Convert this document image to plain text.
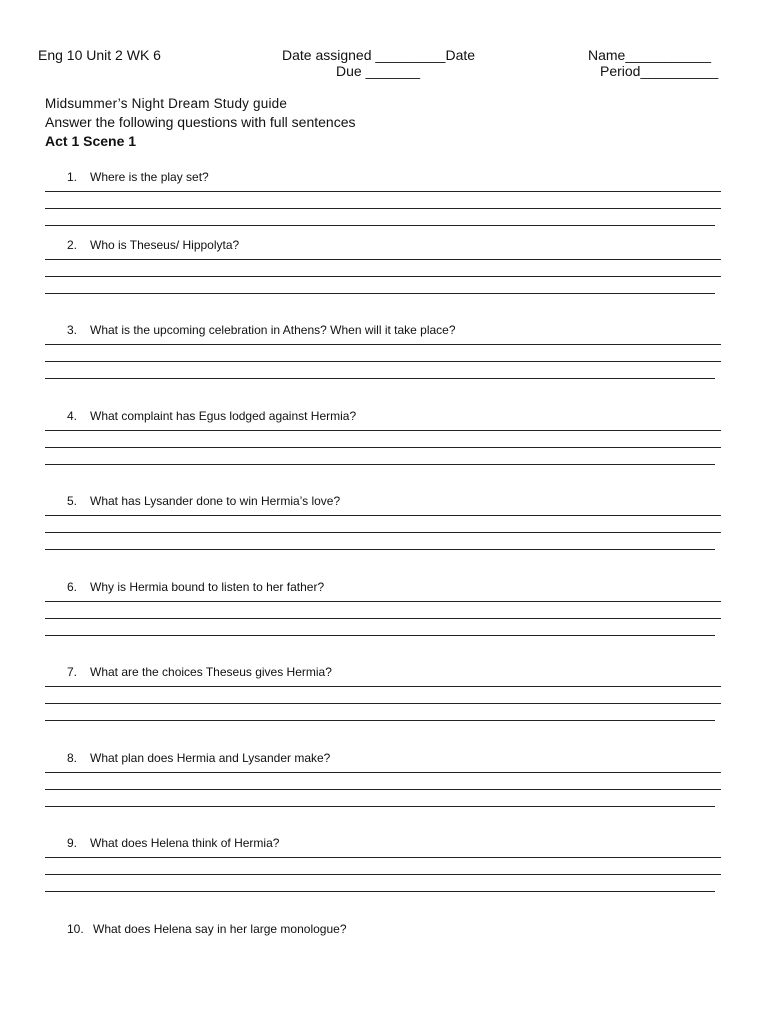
Eng 10 Unit 2 WK 6	Date assigned _________Date
Due _______
Name___________
Period__________
Midsummer’s Night Dream Study guide
Answer the following questions with full sentences
Act 1 Scene 1
1. Where is the play set?
2. Who is Theseus/ Hippolyta?
3. What is the upcoming celebration in Athens? When will it take place?
4. What complaint has Egus lodged against Hermia?
5. What has Lysander done to win Hermia’s love?
6. Why is Hermia bound to listen to her father?
7. What are the choices Theseus gives Hermia?
8. What plan does Hermia and Lysander make?
9. What does Helena think of Hermia?
10. What does Helena say in her large monologue?
